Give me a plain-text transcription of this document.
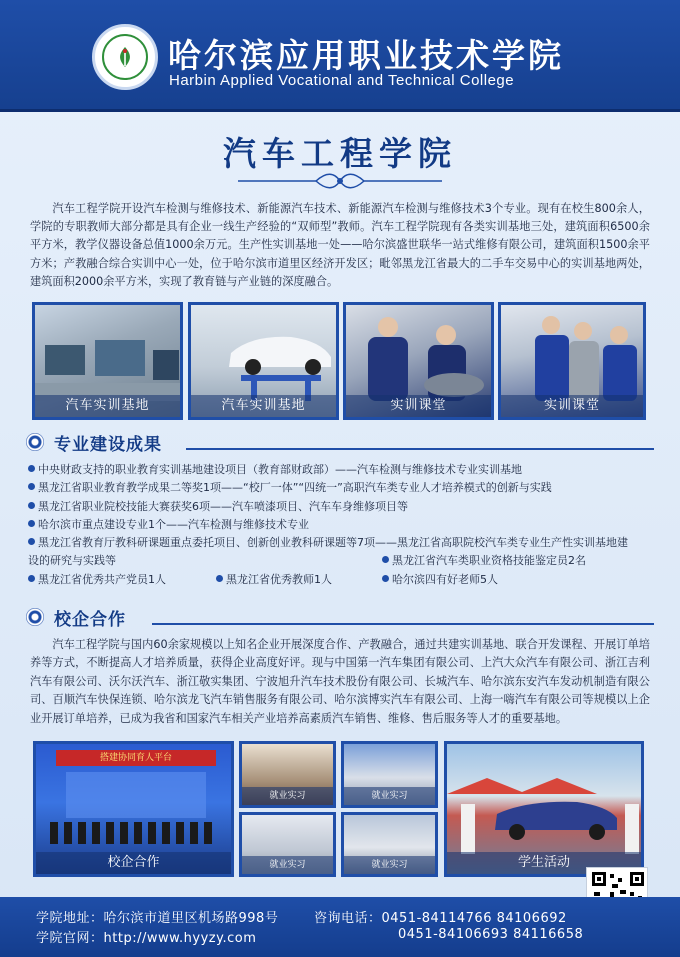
哈尔滨应用职业技术学院
Harbin Applied Vocational and Technical College
汽车工程学院

汽车工程学院开设汽车检测与维修技术、新能源汽车技术、新能源汽车检测与维修技术3个专业。现有在校生800余人，学院的专职教师大部分都是具有企业一线生产经验的“双师型”教师。汽车工程学院现有各类实训基地三处，建筑面积6500余平方米，教学仪器设备总值1000余万元。生产性实训基地一处——哈尔滨盛世联华一站式维修有限公司，建筑面积1500余平方米；产教融合综合实训中心一处，位于哈尔滨市道里区经济开发区；毗邻黑龙江省最大的二手车交易中心的实训基地两处，建筑面积2000余平方米，实现了教育链与产业链的深度融合。

汽车实训基地	汽车实训基地	实训课堂	实训课堂
专业建设成果
中央财政支持的职业教育实训基地建设项目（教育部财政部）——汽车检测与维修技术专业实训基地
黑龙江省职业教育教学成果二等奖1项——“校厂一体”“四统一”高职汽车类专业人才培养模式的创新与实践
黑龙江省职业院校技能大赛获奖6项——汽车喷漆项目、汽车车身维修项目等
哈尔滨市重点建设专业1个——汽车检测与维修技术专业
黑龙江省教育厅教科研课题重点委托项目、创新创业教科研课题等7项——黑龙江省高职院校汽车类专业生产性实训基地建
设的研究与实践等	黑龙江省汽车类职业资格技能鉴定员2名
黑龙江省优秀共产党员1人	黑龙江省优秀教师1人	哈尔滨四有好老师5人
校企合作

汽车工程学院与国内60余家规模以上知名企业开展深度合作、产教融合，通过共建实训基地、联合开发课程、开展订单培养等方式，不断提高人才培养质量，获得企业高度好评。现与中国第一汽车集团有限公司、上汽大众汽车有限公司、浙江吉利汽车有限公司、沃尔沃汽车、浙江敬实集团、宁波旭升汽车技术股份有限公司、长城汽车、哈尔滨东安汽车发动机制造有限公司、百顺汽车快保连锁、哈尔滨龙飞汽车销售服务有限公司、哈尔滨博实汽车有限公司、上海一嗨汽车有限公司等规模以上企业开展订单培养，已成为我省和国家汽车相关产业培养高素质汽车销售、维修、售后服务等人才的重要基地。

搭建协同育人平台
校企合作
就业实习	就业实习
就业实习	就业实习	学生活动
学院地址：哈尔滨市道里区机场路998号
学院官网：http://www.hyyzy.com
咨询电话：0451-84114766 84106692
0451-84106693 84116658
